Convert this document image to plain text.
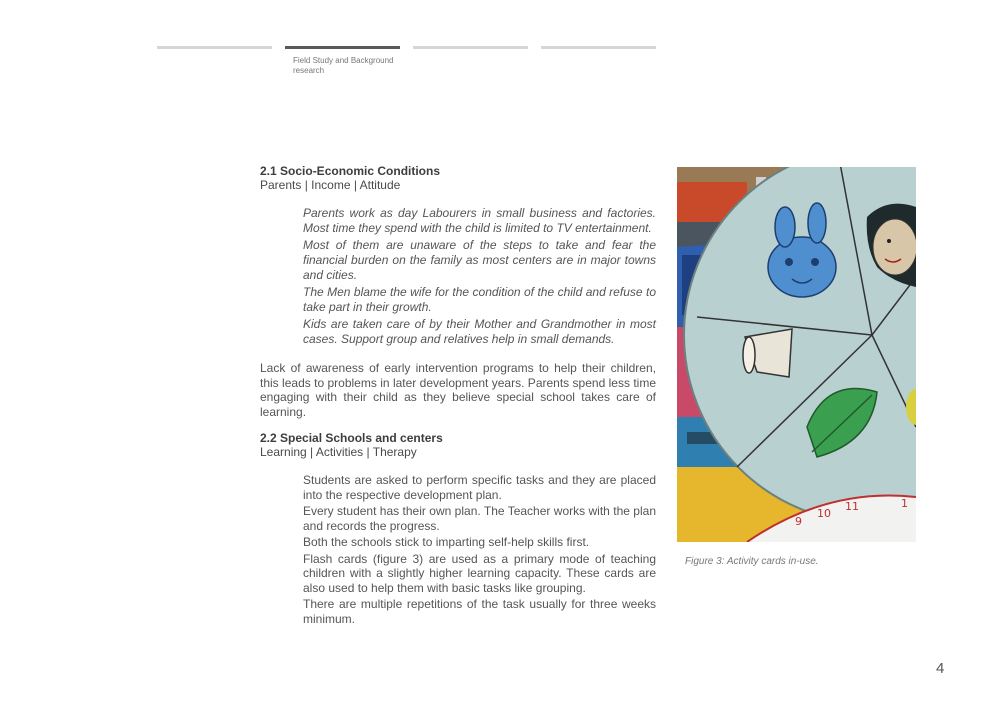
Field Study and Background research
2.1 Socio-Economic Conditions
Parents | Income | Attitude

Parents work as day Labourers in small business and factories. Most time they spend with the child is limited to TV entertainment.

Most of them are unaware of the steps to take and fear the financial burden on the family as most centers are in major towns and cities.

The Men blame the wife for the condition of the child and refuse to take part in their growth.

Kids are taken care of by their Mother and Grandmother in most cases. Support group and relatives help in small demands.

Lack of awareness of early intervention programs to help their children, this leads to problems in later development years. Parents spend less time engaging with their child as they believe special school takes care of learning.

2.2 Special Schools and centers
Learning | Activities | Therapy

Students are asked to perform specific tasks and they are placed into the respective development plan.

Every student has their own plan. The Teacher works with the plan and records the progress.

Both the schools stick to imparting self-help skills first.

Flash cards (figure 3) are used as a primary mode of teaching children with a slightly higher learning capacity. These cards are also used to help them with basic tasks like grouping.

There are multiple repetitions of the task usually for three weeks minimum.

9
10
11	1
Figure 3: Activity cards in-use.
4
